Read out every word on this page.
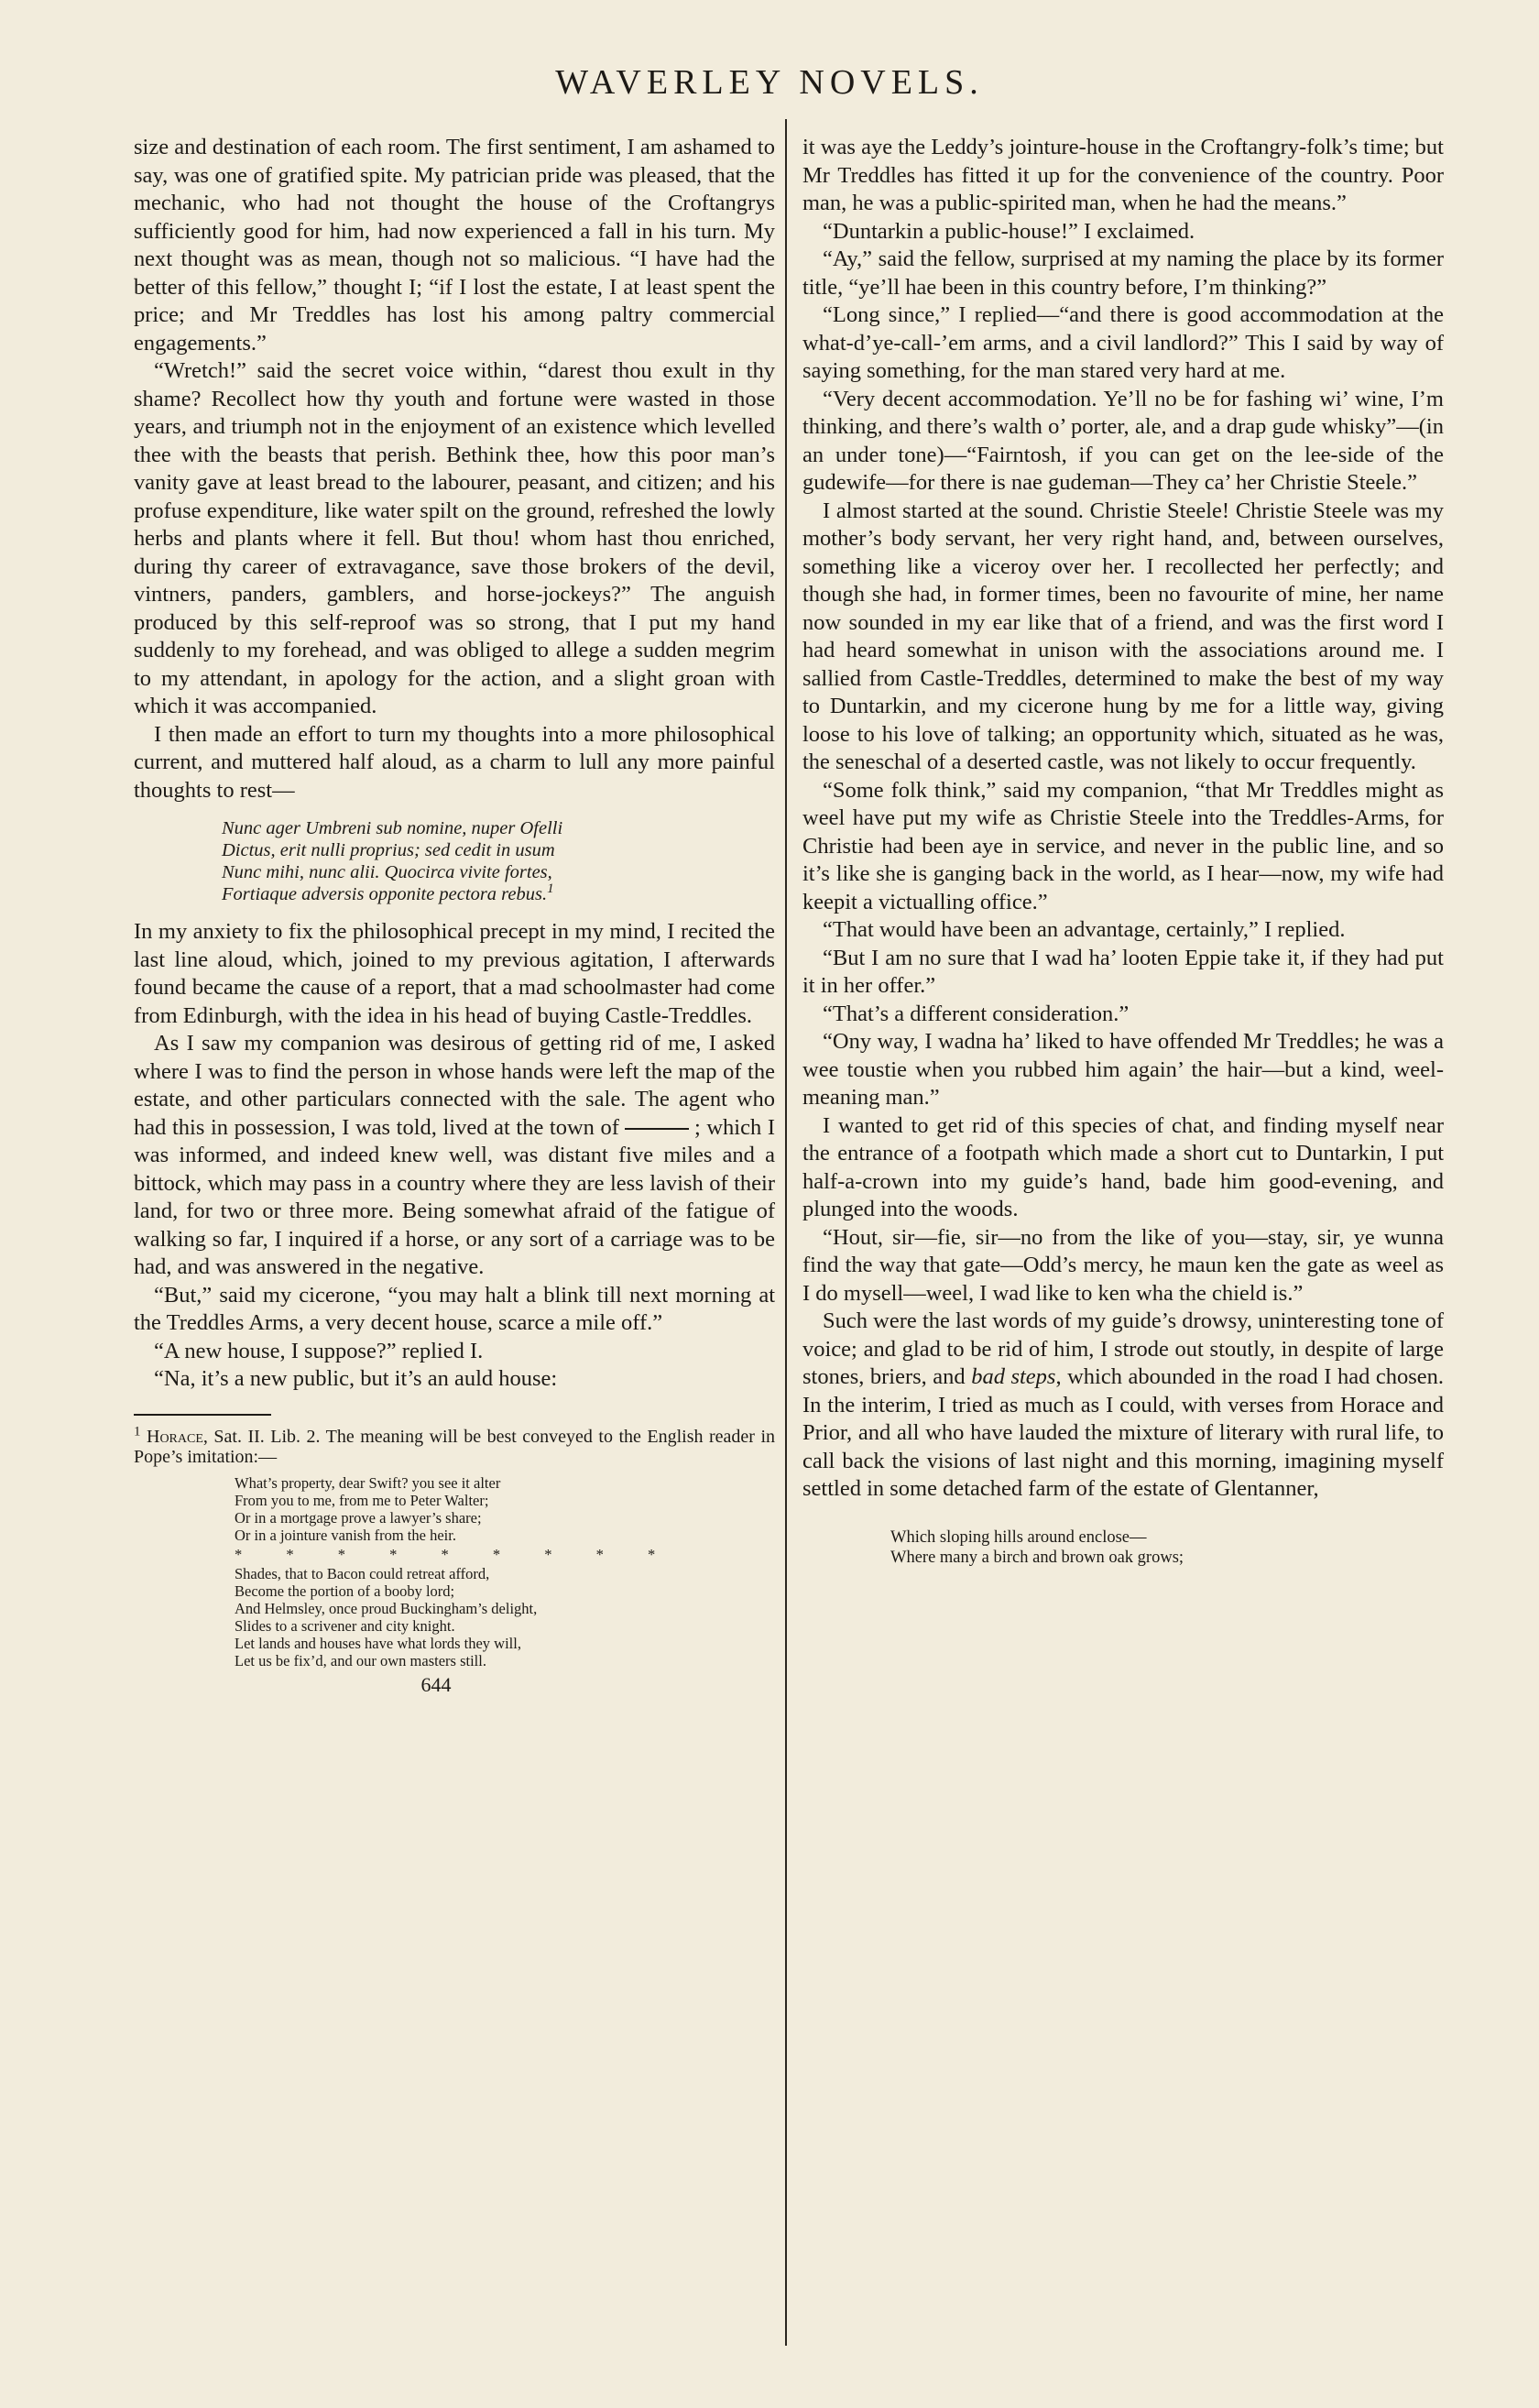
WAVERLEY NOVELS.

size and destination of each room. The first sentiment, I am ashamed to say, was one of gratified spite. My patrician pride was pleased, that the mechanic, who had not thought the house of the Croftangrys sufficiently good for him, had now experienced a fall in his turn. My next thought was as mean, though not so malicious. “I have had the better of this fellow,” thought I; “if I lost the estate, I at least spent the price; and Mr Treddles has lost his among paltry commercial engagements.”

“Wretch!” said the secret voice within, “darest thou exult in thy shame? Recollect how thy youth and fortune were wasted in those years, and triumph not in the enjoyment of an existence which levelled thee with the beasts that perish. Bethink thee, how this poor man’s vanity gave at least bread to the labourer, peasant, and citizen; and his profuse expenditure, like water spilt on the ground, refreshed the lowly herbs and plants where it fell. But thou! whom hast thou enriched, during thy career of extravagance, save those brokers of the devil, vintners, panders, gamblers, and horse-jockeys?” The anguish produced by this self-reproof was so strong, that I put my hand suddenly to my forehead, and was obliged to allege a sudden megrim to my attendant, in apology for the action, and a slight groan with which it was accompanied.

I then made an effort to turn my thoughts into a more philosophical current, and muttered half aloud, as a charm to lull any more painful thoughts to rest—

Nunc ager Umbreni sub nomine, nuper Ofelli
Dictus, erit nulli proprius; sed cedit in usum
Nunc mihi, nunc alii. Quocirca vivite fortes,
Fortiaque adversis opponite pectora rebus.$^1$

In my anxiety to fix the philosophical precept in my mind, I recited the last line aloud, which, joined to my previous agitation, I afterwards found became the cause of a report, that a mad schoolmaster had come from Edinburgh, with the idea in his head of buying Castle-Treddles.

As I saw my companion was desirous of getting rid of me, I asked where I was to find the person in whose hands were left the map of the estate, and other particulars connected with the sale. The agent who had this in possession, I was told, lived at the town of	; which I was informed, and indeed knew well, was distant five miles and a bittock, which may pass in a country where they are less lavish of their land, for two or three more. Being somewhat afraid of the fatigue of walking so far, I inquired if a horse, or any sort of a carriage was to be had, and was answered in the negative.

“But,” said my cicerone, “you may halt a blink till next morning at the Treddles Arms, a very decent house, scarce a mile off.”

“A new house, I suppose?” replied I.

“Na, it’s a new public, but it’s an auld house:

$^1$ Horace, Sat. II. Lib. 2. The meaning will be best conveyed to the English reader in Pope’s imitation:—
What’s property, dear Swift? you see it alter
From you to me, from me to Peter Walter;
Or in a mortgage prove a lawyer’s share;
Or in a jointure vanish from the heir.
* * * * * * * * *
Shades, that to Bacon could retreat afford,
Become the portion of a booby lord;
And Helmsley, once proud Buckingham’s delight,
Slides to a scrivener and city knight.
Let lands and houses have what lords they will,
Let us be fix’d, and our own masters still.
644

it was aye the Leddy’s jointure-house in the Croftangry-folk’s time; but Mr Treddles has fitted it up for the convenience of the country. Poor man, he was a public-spirited man, when he had the means.”

“Duntarkin a public-house!” I exclaimed.

“Ay,” said the fellow, surprised at my naming the place by its former title, “ye’ll hae been in this country before, I’m thinking?”

“Long since,” I replied—“and there is good accommodation at the what-d’ye-call-’em arms, and a civil landlord?” This I said by way of saying something, for the man stared very hard at me.

“Very decent accommodation. Ye’ll no be for fashing wi’ wine, I’m thinking, and there’s walth o’ porter, ale, and a drap gude whisky”—(in an under tone)—“Fairntosh, if you can get on the lee-side of the gudewife—for there is nae gudeman—They ca’ her Christie Steele.”

I almost started at the sound. Christie Steele! Christie Steele was my mother’s body servant, her very right hand, and, between ourselves, something like a viceroy over her. I recollected her perfectly; and though she had, in former times, been no favourite of mine, her name now sounded in my ear like that of a friend, and was the first word I had heard somewhat in unison with the associations around me. I sallied from Castle-Treddles, determined to make the best of my way to Duntarkin, and my cicerone hung by me for a little way, giving loose to his love of talking; an opportunity which, situated as he was, the seneschal of a deserted castle, was not likely to occur frequently.

“Some folk think,” said my companion, “that Mr Treddles might as weel have put my wife as Christie Steele into the Treddles-Arms, for Christie had been aye in service, and never in the public line, and so it’s like she is ganging back in the world, as I hear—now, my wife had keepit a victualling office.”

“That would have been an advantage, certainly,” I replied.

“But I am no sure that I wad ha’ looten Eppie take it, if they had put it in her offer.”

“That’s a different consideration.”

“Ony way, I wadna ha’ liked to have offended Mr Treddles; he was a wee toustie when you rubbed him again’ the hair—but a kind, weel-meaning man.”

I wanted to get rid of this species of chat, and finding myself near the entrance of a footpath which made a short cut to Duntarkin, I put half-a-crown into my guide’s hand, bade him good-evening, and plunged into the woods.

“Hout, sir—fie, sir—no from the like of you—stay, sir, ye wunna find the way that gate—Odd’s mercy, he maun ken the gate as weel as I do mysell—weel, I wad like to ken wha the chield is.”

Such were the last words of my guide’s drowsy, uninteresting tone of voice; and glad to be rid of him, I strode out stoutly, in despite of large stones, briers, and bad steps, which abounded in the road I had chosen. In the interim, I tried as much as I could, with verses from Horace and Prior, and all who have lauded the mixture of literary with rural life, to call back the visions of last night and this morning, imagining myself settled in some detached farm of the estate of Glentanner,

Which sloping hills around enclose—
Where many a birch and brown oak grows;
